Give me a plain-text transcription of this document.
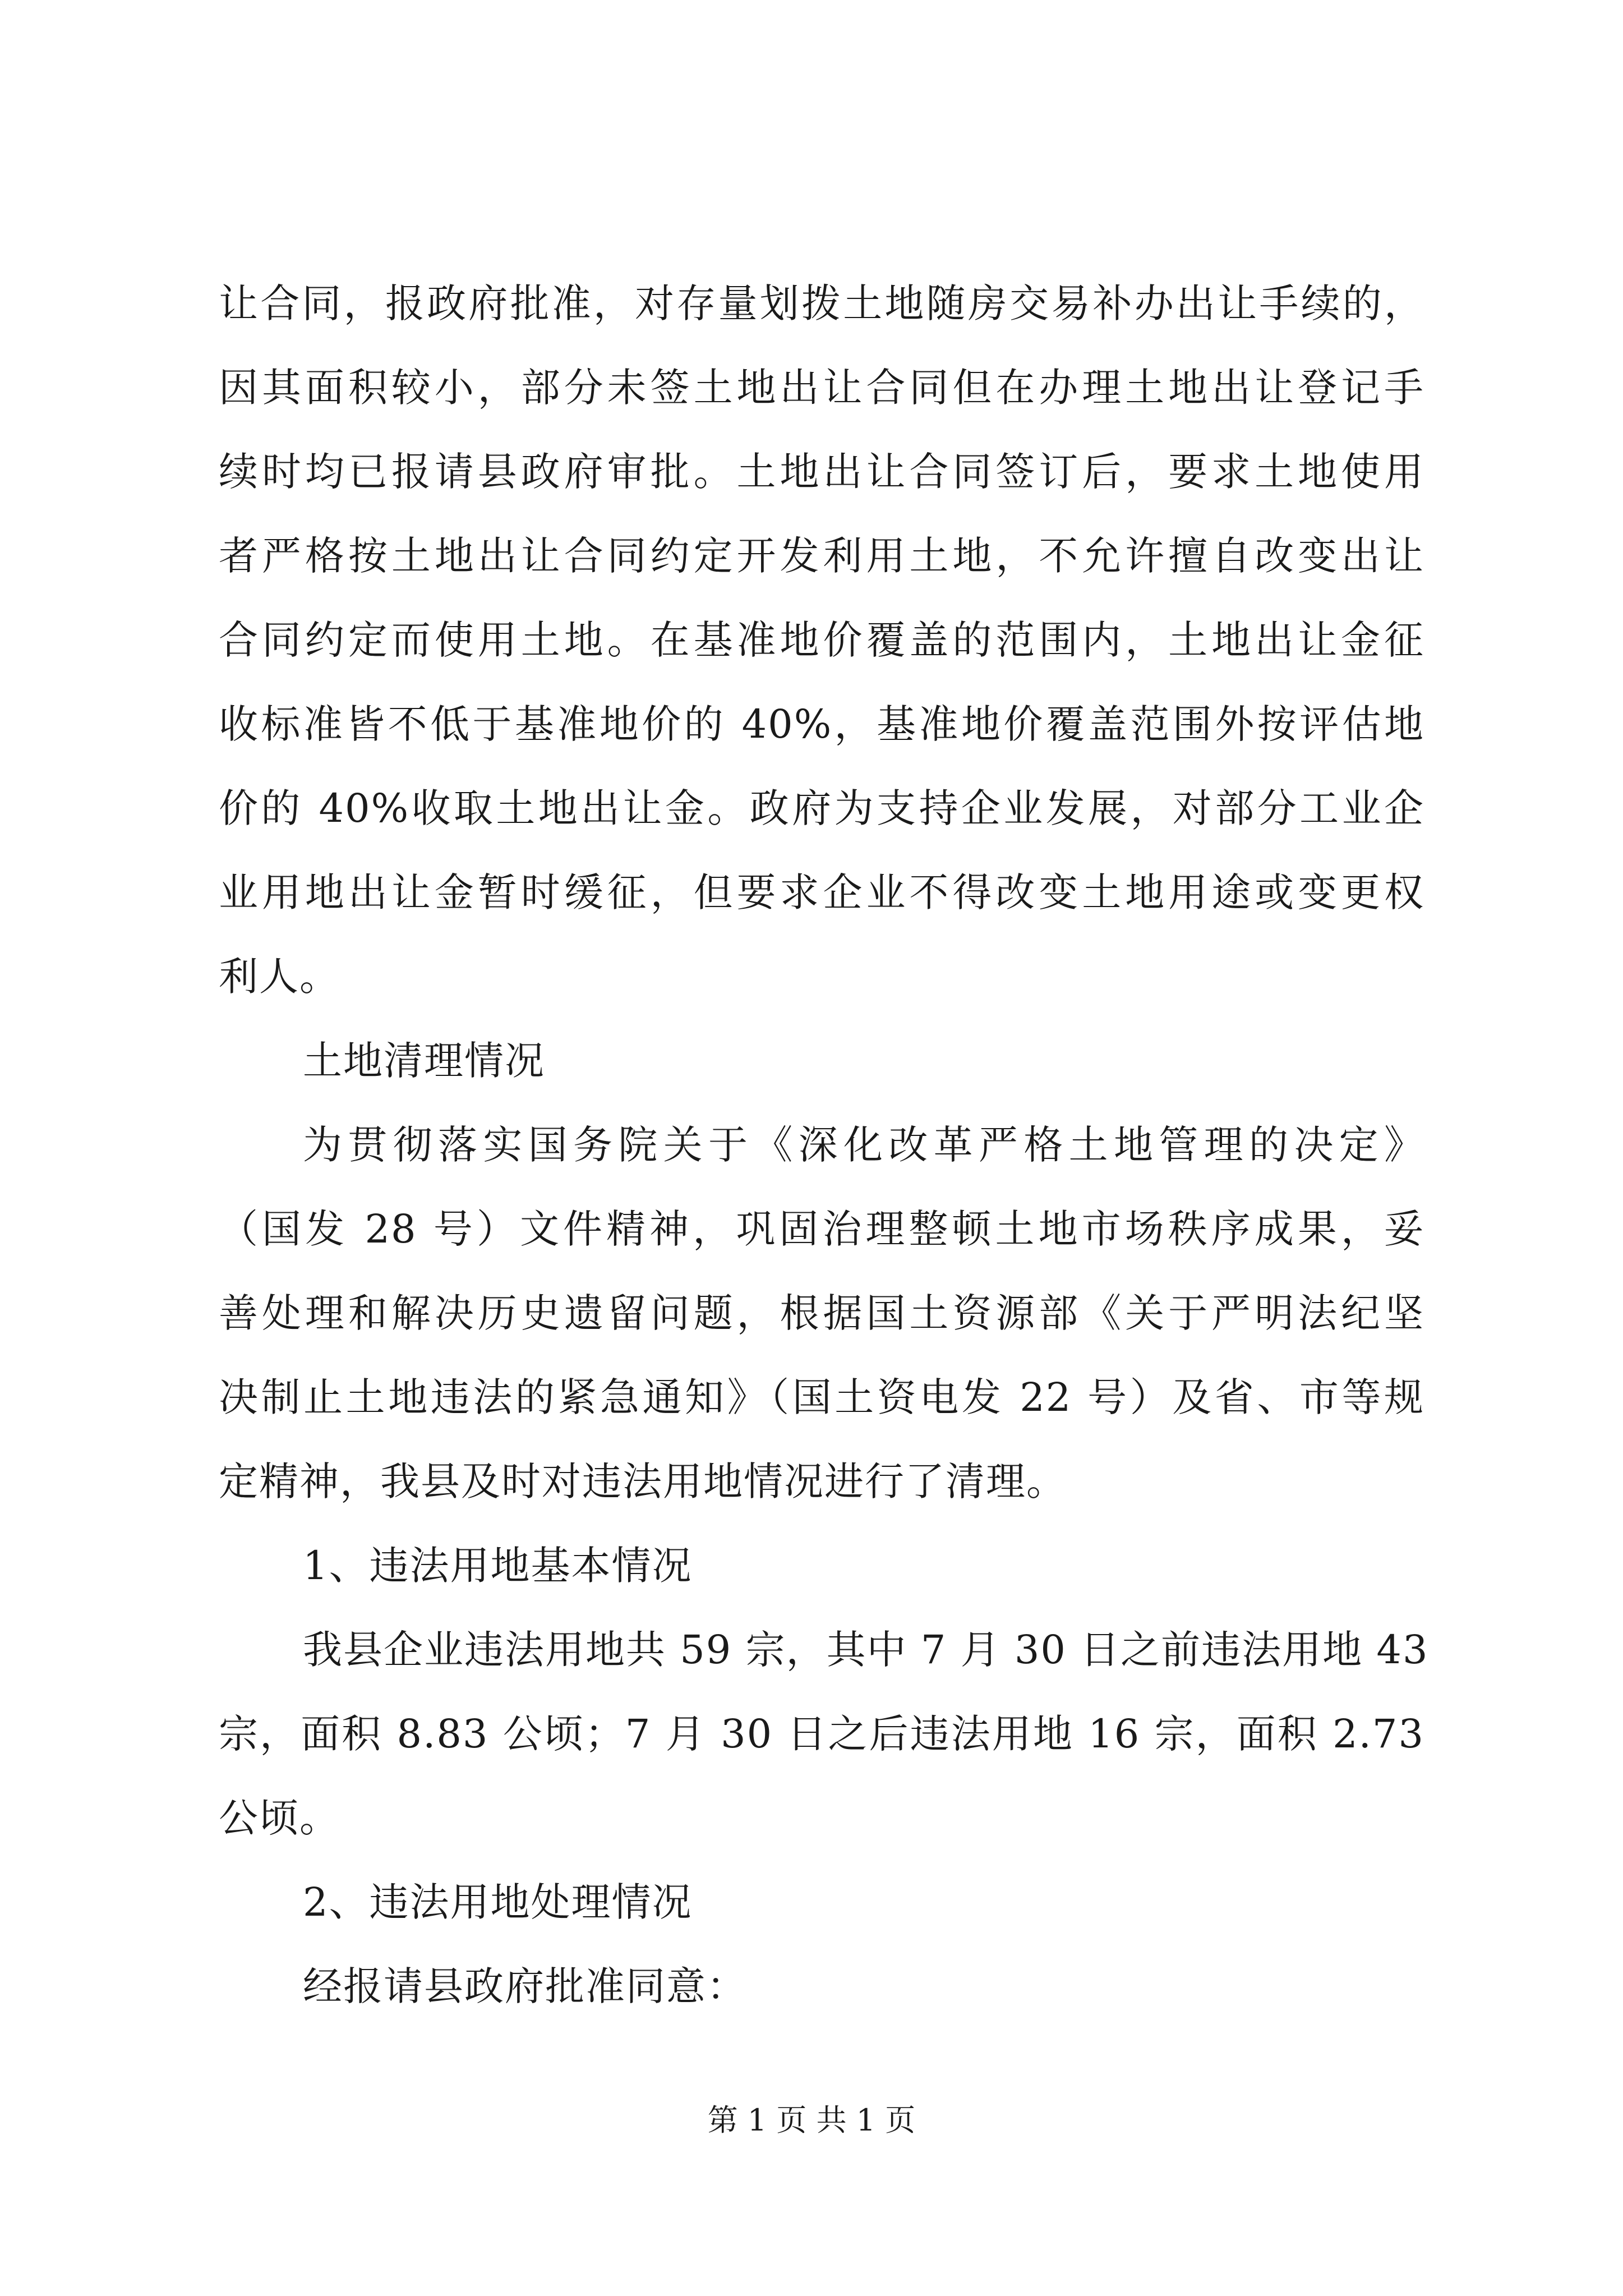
让合同，报政府批准，对存量划拨土地随房交易补办出让手续的，
因其面积较小，部分未签土地出让合同但在办理土地出让登记手
续时均已报请县政府审批。土地出让合同签订后，要求土地使用
者严格按土地出让合同约定开发利用土地，不允许擅自改变出让
合同约定而使用土地。在基准地价覆盖的范围内，土地出让金征
收标准皆不低于基准地价的 40%，基准地价覆盖范围外按评估地
价的 40%收取土地出让金。政府为支持企业发展，对部分工业企
业用地出让金暂时缓征，但要求企业不得改变土地用途或变更权
利人。
土地清理情况
为贯彻落实国务院关于《深化改革严格土地管理的决定》
（国发 28 号）文件精神，巩固治理整顿土地市场秩序成果，妥
善处理和解决历史遗留问题，根据国土资源部《关于严明法纪坚
决制止土地违法的紧急通知》（国土资电发 22 号）及省、市等规
定精神，我县及时对违法用地情况进行了清理。
1、违法用地基本情况
我县企业违法用地共 59 宗，其中 7 月 30 日之前违法用地 43
宗，面积 8.83 公顷；7 月 30 日之后违法用地 16 宗，面积 2.73
公顷。
2、违法用地处理情况
经报请县政府批准同意：
第 1 页 共 1 页
